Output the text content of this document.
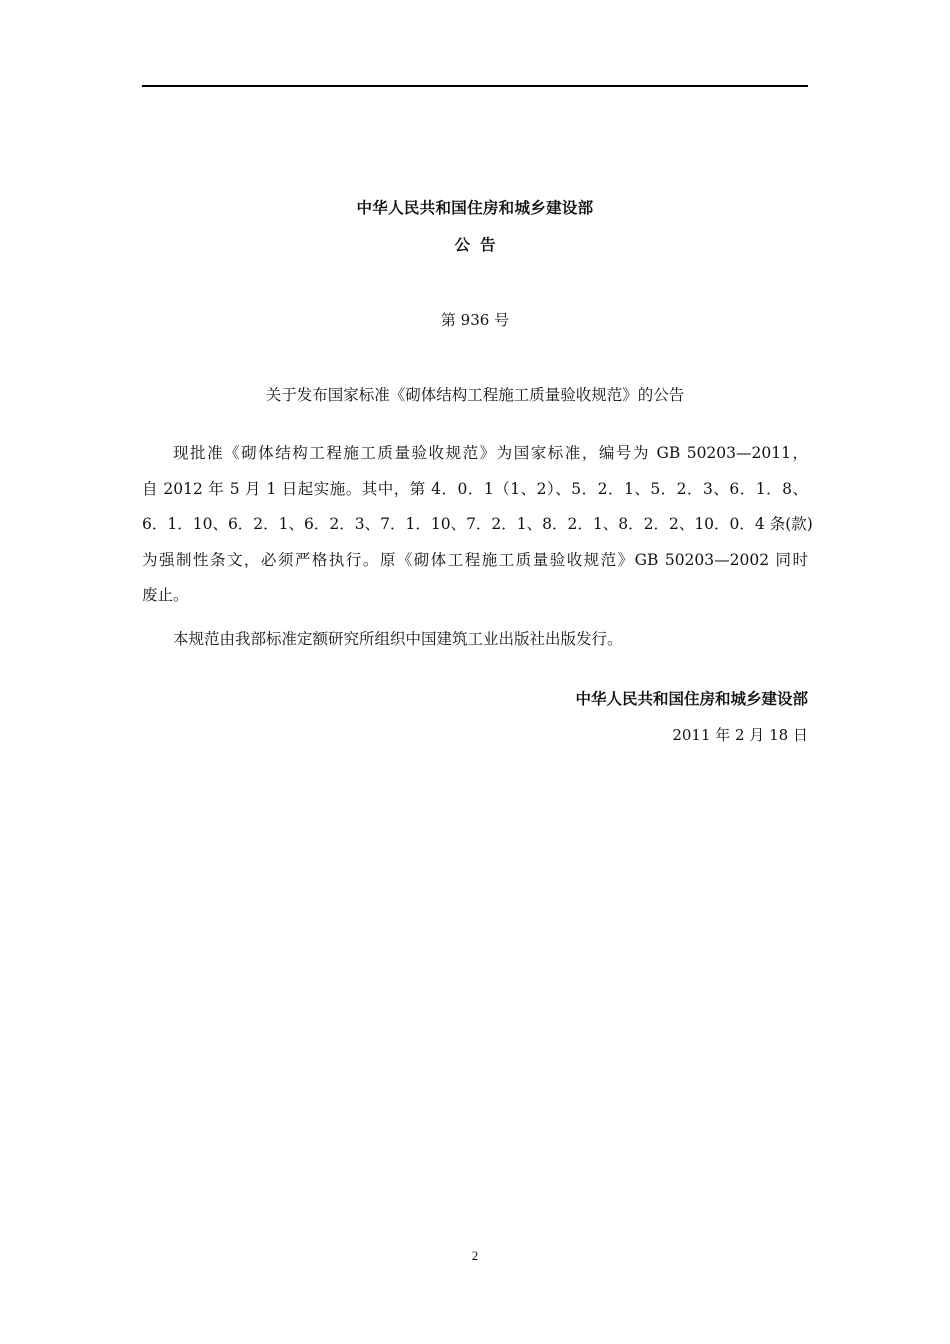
中华人民共和国住房和城乡建设部
公告
第 936 号
关于发布国家标准《砌体结构工程施工质量验收规范》的公告
现批准《砌体结构工程施工质量验收规范》为国家标准，编号为 GB 50203—2011，
自 2012 年 5 月 1 日起实施。其中，第 4．0．1（1、2）、5．2．1、5．2．3、6．1．8、
6．1．10、6．2．1、6．2．3、7．1．10、7．2．1、8．2．1、8．2．2、10．0．4 条(款)
为强制性条文，必须严格执行。原《砌体工程施工质量验收规范》GB 50203—2002 同时
废止。
本规范由我部标准定额研究所组织中国建筑工业出版社出版发行。
中华人民共和国住房和城乡建设部
2011 年 2 月 18 日
2
